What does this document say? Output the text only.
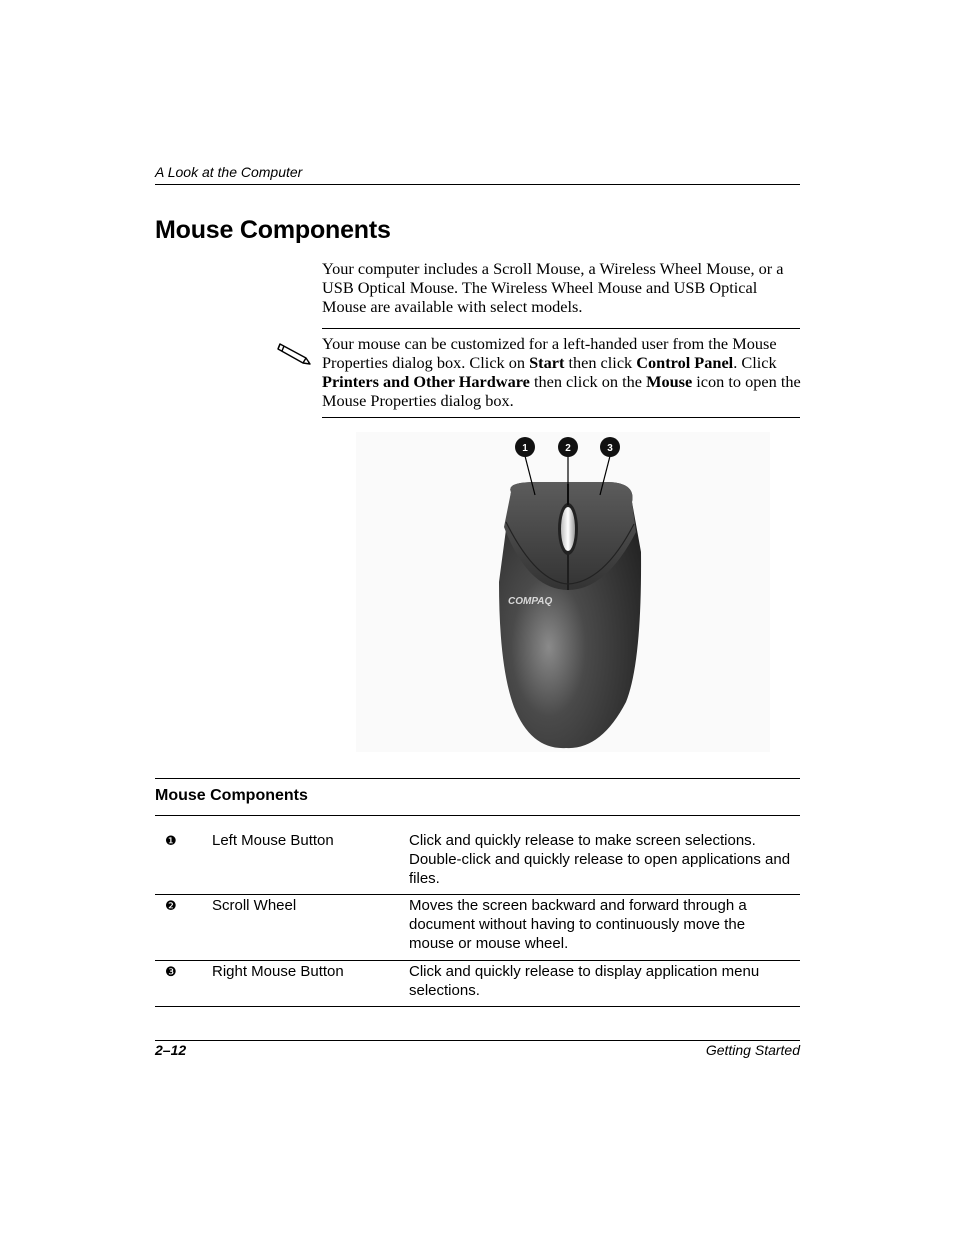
A Look at the Computer
Mouse Components
Your computer includes a Scroll Mouse, a Wireless Wheel Mouse, or a USB Optical Mouse. The Wireless Wheel Mouse and USB Optical Mouse are available with select models.
Your mouse can be customized for a left-handed user from the Mouse Properties dialog box. Click on Start then click Control Panel. Click Printers and Other Hardware then click on the Mouse icon to open the Mouse Properties dialog box.
COMPAQ
1	2	3
Mouse Components
❶ Left Mouse Button	Click and quickly release to make screen selections. Double-click and quickly release to open applications and files.
❷ Scroll Wheel	Moves the screen backward and forward through a document without having to continuously move the mouse or mouse wheel.
❸ Right Mouse Button	Click and quickly release to display application menu selections.
2–12	Getting Started
